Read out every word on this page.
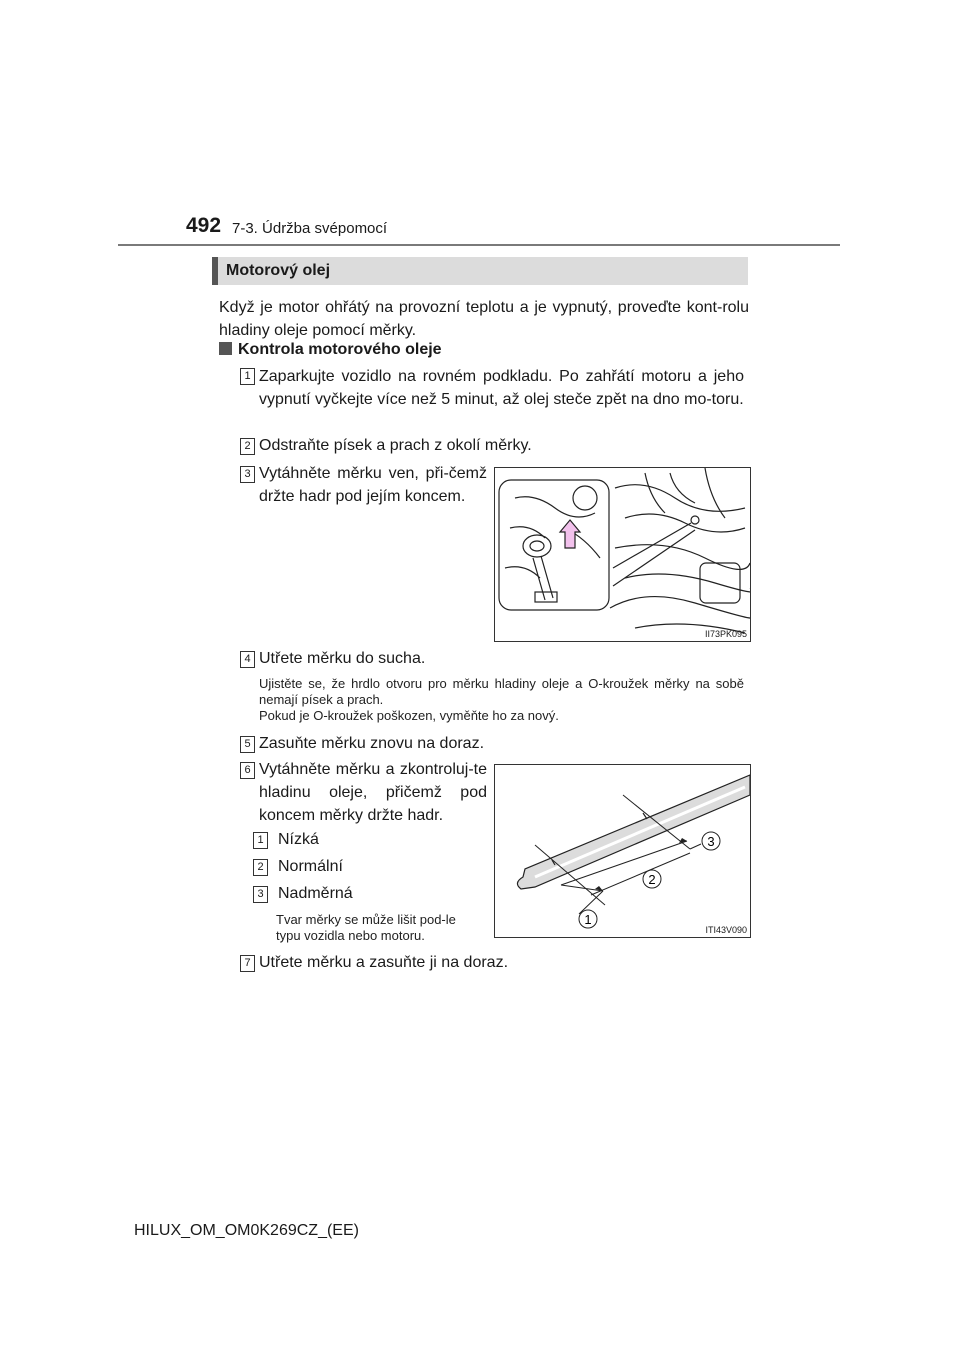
492 7-3. Údržba svépomocí
Motorový olej
Když je motor ohřátý na provozní teplotu a je vypnutý, proveďte kont-rolu hladiny oleje pomocí měrky.
Kontrola motorového oleje
1 Zaparkujte vozidlo na rovném podkladu. Po zahřátí motoru a jeho vypnutí vyčkejte více než 5 minut, až olej steče zpět na dno mo-toru.
2 Odstraňte písek a prach z okolí měrky.
3 Vytáhněte měrku ven, při-čemž držte hadr pod jejím koncem.
II73PK095
4 Utřete měrku do sucha.
Ujistěte se, že hrdlo otvoru pro měrku hladiny oleje a O-kroužek měrky na sobě nemají písek a prach.
Pokud je O-kroužek poškozen, vyměňte ho za nový.
5 Zasuňte měrku znovu na doraz.
6 Vytáhněte měrku a zkontroluj-te hladinu oleje, přičemž pod koncem měrky držte hadr.
1 Nízká
2 Normální
3 Nadměrná
Tvar měrky se může lišit pod-le typu vozidla nebo motoru.
1
2
3
ITI43V090
7 Utřete měrku a zasuňte ji na doraz.
HILUX_OM_OM0K269CZ_(EE)
